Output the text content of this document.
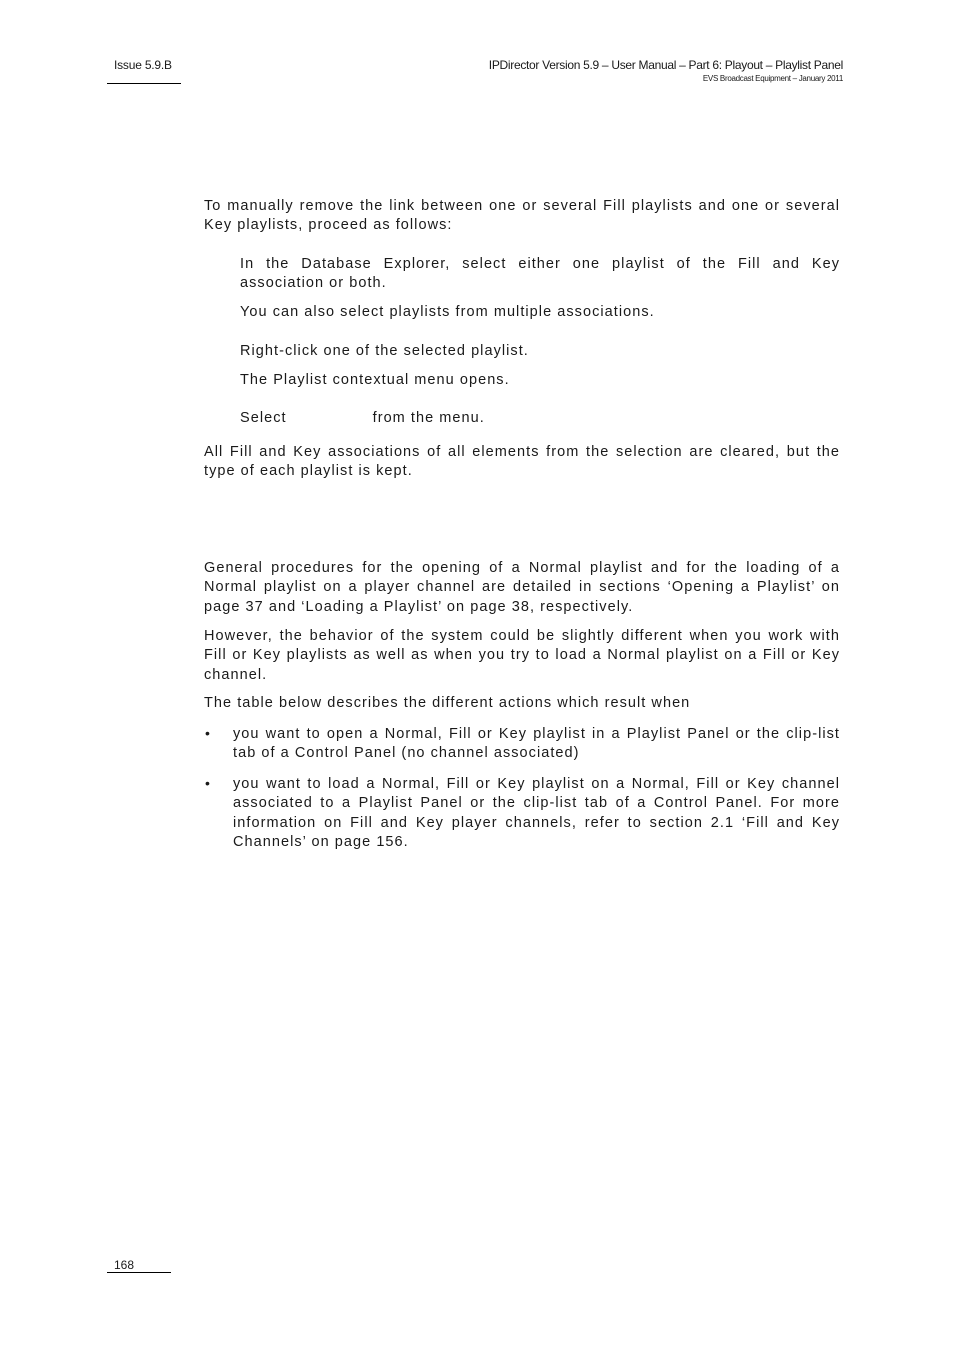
Issue 5.9.B	IPDirector Version 5.9 – User Manual – Part 6: Playout – Playlist Panel
EVS Broadcast Equipment – January 2011
To manually remove the link between one or several Fill playlists and one or several Key playlists, proceed as follows:
In the Database Explorer, select either one playlist of the Fill and Key association or both.
You can also select playlists from multiple associations.
Right-click one of the selected playlist.
The Playlist contextual menu opens.
Select	from the menu.
All Fill and Key associations of all elements from the selection are cleared, but the type of each playlist is kept.
General procedures for the opening of a Normal playlist and for the loading of a Normal playlist on a player channel are detailed in sections ‘Opening a Playlist’ on page 37 and ‘Loading a Playlist’ on page 38, respectively.
However, the behavior of the system could be slightly different when you work with Fill or Key playlists as well as when you try to load a Normal playlist on a Fill or Key channel.
The table below describes the different actions which result when
• you want to open a Normal, Fill or Key playlist in a Playlist Panel or the clip-list tab of a Control Panel (no channel associated)
• you want to load a Normal, Fill or Key playlist on a Normal, Fill or Key channel associated to a Playlist Panel or the clip-list tab of a Control Panel. For more information on Fill and Key player channels, refer to section 2.1 ‘Fill and Key Channels’ on page 156.
168
